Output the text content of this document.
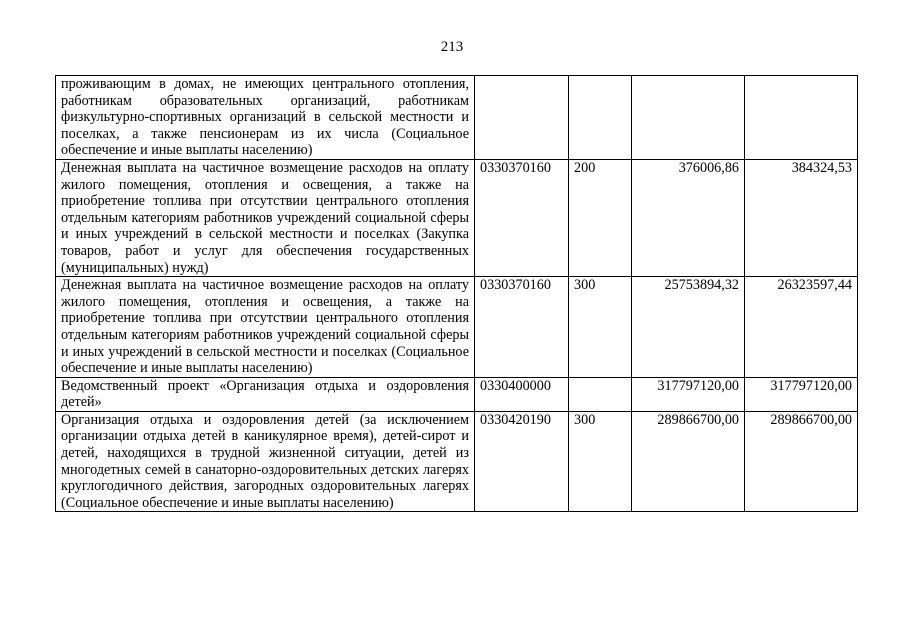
213
проживающим в домах, не имеющих центрального отопления, работникам образовательных организаций, работникам физкультурно-спортивных организаций в сельской местности и поселках, а также пенсионерам из их числа (Социальное обеспечение и иные выплаты населению)				
Денежная выплата на частичное возмещение расходов на оплату жилого помещения, отопления и освещения, а также на приобретение топлива при отсутствии центрального отопления отдельным категориям работников учреждений социальной сферы и иных учреждений в сельской местности и поселках (Закупка товаров, работ и услуг для обеспечения государственных (муниципальных) нужд)	0330370160	200	376006,86	384324,53
Денежная выплата на частичное возмещение расходов на оплату жилого помещения, отопления и освещения, а также на приобретение топлива при отсутствии центрального отопления отдельным категориям работников учреждений социальной сферы и иных учреждений в сельской местности и поселках (Социальное обеспечение и иные выплаты населению)	0330370160	300	25753894,32	26323597,44
Ведомственный проект «Организация отдыха и оздоровления детей»	0330400000		317797120,00	317797120,00
Организация отдыха и оздоровления детей (за исключением организации отдыха детей в каникулярное время), детей-сирот и детей, находящихся в трудной жизненной ситуации, детей из многодетных семей в санаторно-оздоровительных детских лагерях круглогодичного действия, загородных оздоровительных лагерях (Социальное обеспечение и иные выплаты населению)	0330420190	300	289866700,00	289866700,00
